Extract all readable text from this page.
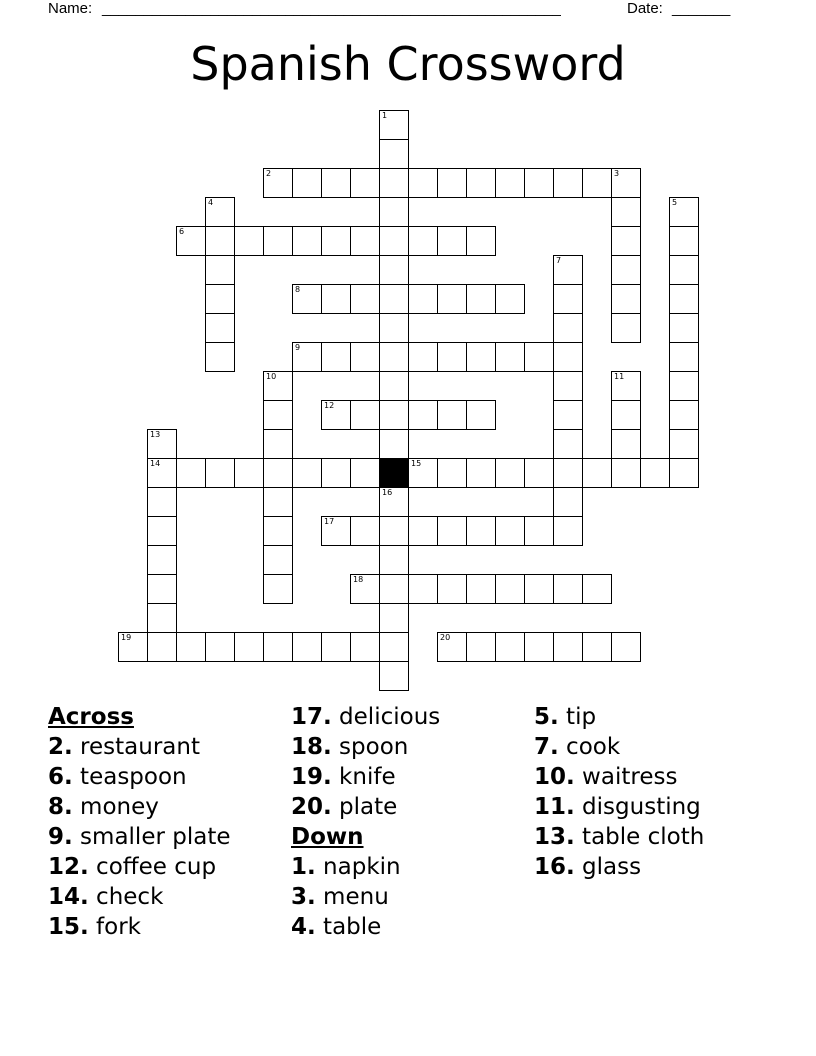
Name:

_______________________________________________________

	Date:

_______

Spanish Crossword
1
16
2	3
4	5
6
7
8
9
10	11
12
13
14	15
17
18
19	20
Across
2. restaurant
6. teaspoon
8. money
9. smaller plate
12. coffee cup
14. check
15. fork
17. delicious
18. spoon
19. knife
20. plate
Down
1. napkin
3. menu
4. table
5. tip
7. cook
10. waitress
11. disgusting
13. table cloth
16. glass
